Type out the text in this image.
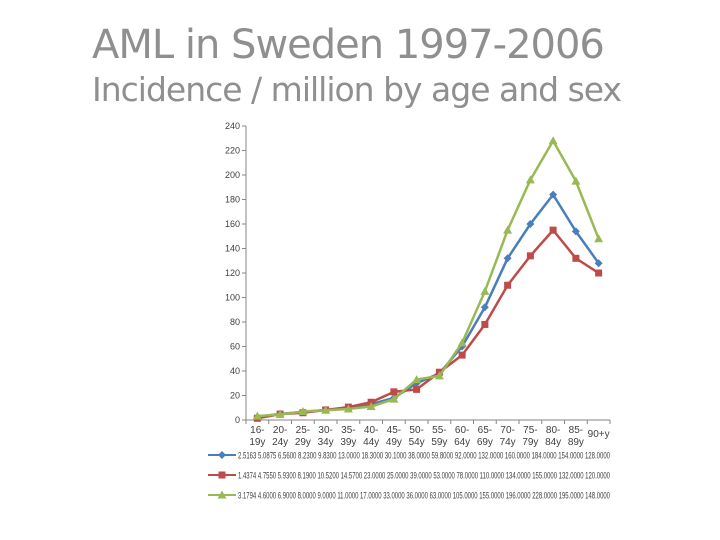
AML in Sweden 1997-2006
Incidence / million by age and sex
0
20
40
60
80
100
120
140
160
180
200
220
240
16-19y
20-24y
25-29y
30-34y
35-39y
40-44y
45-49y
50-54y
55-59y
60-64y
65-69y
70-74y
75-79y
80-84y
85-89y
90+y
2.5163 5.0875 6.5600 8.2300 9.8300 13.0000 18.3000 30.1000 38.0000 59.8000 92.0000 132.0000 160.0000 184.0000 154.0000 128.0000
1.4374 4.7550 5.9300 8.1900 10.5200 14.5700 23.0000 25.0000 39.0000 53.0000 78.0000 110.0000 134.0000 155.0000 132.0000 120.0000
3.1794 4.6000 6.9000 8.0000 9.0000 11.0000 17.0000 33.0000 36.0000 63.0000 105.0000 155.0000 196.0000 228.0000 195.0000 148.0000
